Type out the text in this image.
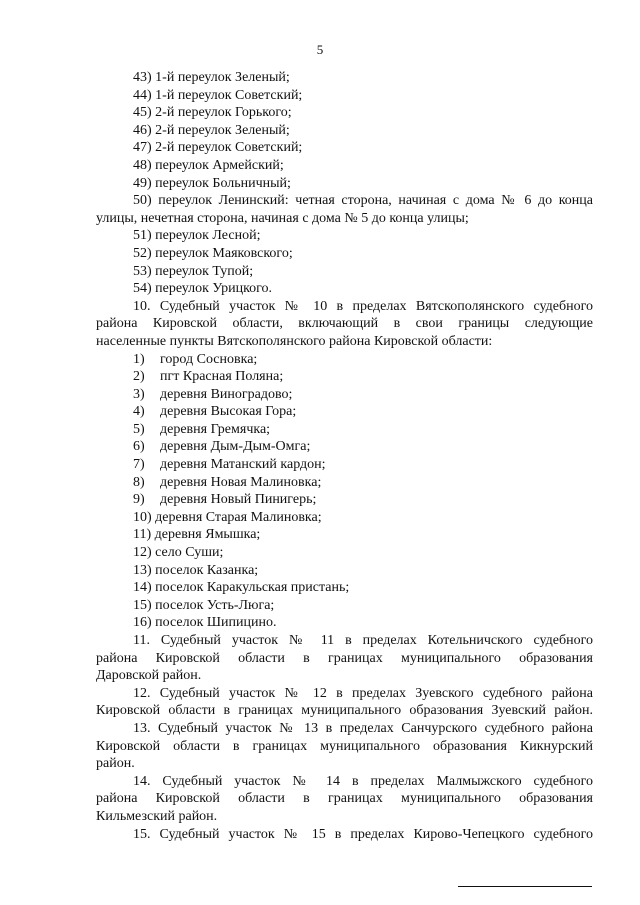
5
43) 1-й переулок Зеленый;
44) 1-й переулок Советский;
45) 2-й переулок Горького;
46) 2-й переулок Зеленый;
47) 2-й переулок Советский;
48) переулок Армейский;
49) переулок Больничный;
50) переулок Ленинский: четная сторона, начиная с дома № 6 до конца
улицы, нечетная сторона, начиная с дома № 5 до конца улицы;
51) переулок Лесной;
52) переулок Маяковского;
53) переулок Тупой;
54) переулок Урицкого.
10. Судебный участок № 10 в пределах Вятскополянского судебного
района Кировской области, включающий в свои границы следующие
населенные пункты Вятскополянского района Кировской области:
1) город Сосновка;
2) пгт Красная Поляна;
3) деревня Виноградово;
4) деревня Высокая Гора;
5) деревня Гремячка;
6) деревня Дым-Дым-Омга;
7) деревня Матанский кардон;
8) деревня Новая Малиновка;
9) деревня Новый Пинигерь;
10) деревня Старая Малиновка;
11) деревня Ямышка;
12) село Суши;
13) поселок Казанка;
14) поселок Каракульская пристань;
15) поселок Усть-Люга;
16) поселок Шипицино.
11. Судебный участок № 11 в пределах Котельничского судебного
района Кировской области в границах муниципального образования
Даровской район.
12. Судебный участок № 12 в пределах Зуевского судебного района
Кировской области в границах муниципального образования Зуевский район.
13. Судебный участок № 13 в пределах Санчурского судебного района
Кировской области в границах муниципального образования Кикнурский
район.
14. Судебный участок № 14 в пределах Малмыжского судебного
района Кировской области в границах муниципального образования
Кильмезский район.
15. Судебный участок № 15 в пределах Кирово-Чепецкого судебного
